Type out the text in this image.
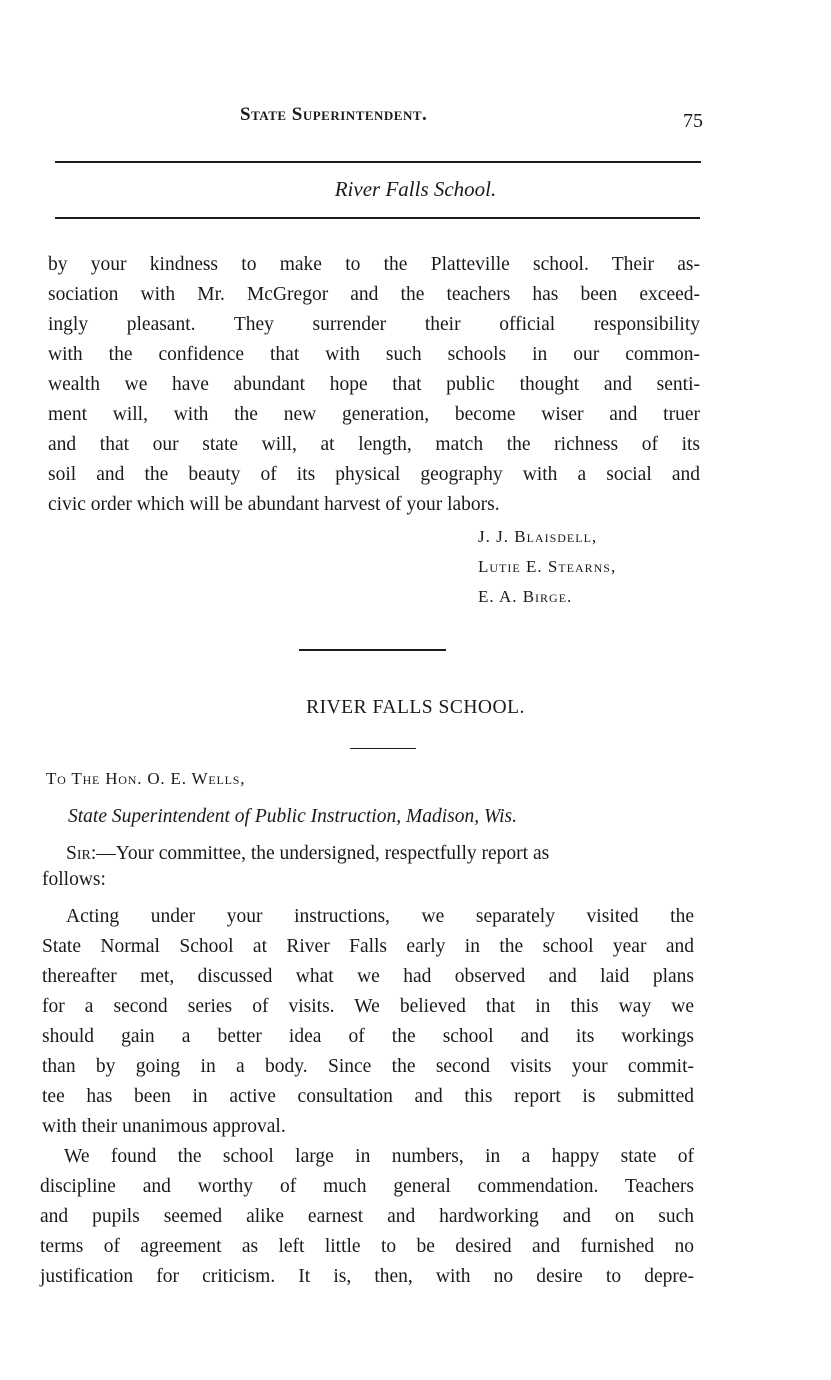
State Superintendent.	75
River Falls School.
by your kindness to make to the Platteville school. Their as-
sociation with Mr. McGregor and the teachers has been exceed-
ingly pleasant. They surrender their official responsibility
with the confidence that with such schools in our common-
wealth we have abundant hope that public thought and senti-
ment will, with the new generation, become wiser and truer
and that our state will, at length, match the richness of its
soil and the beauty of its physical geography with a social and
civic order which will be abundant harvest of your labors.
J. J. Blaisdell,
Lutie E. Stearns,
E. A. Birge.
RIVER FALLS SCHOOL.
To The Hon. O. E. Wells,
State Superintendent of Public Instruction, Madison, Wis.
Sir:—Your committee, the undersigned, respectfully report as
follows:
Acting under your instructions, we separately visited the
State Normal School at River Falls early in the school year and
thereafter met, discussed what we had observed and laid plans
for a second series of visits. We believed that in this way we
should gain a better idea of the school and its workings
than by going in a body. Since the second visits your commit-
tee has been in active consultation and this report is submitted
with their unanimous approval.
We found the school large in numbers, in a happy state of
discipline and worthy of much general commendation. Teachers
and pupils seemed alike earnest and hardworking and on such
terms of agreement as left little to be desired and furnished no
justification for criticism. It is, then, with no desire to depre-
